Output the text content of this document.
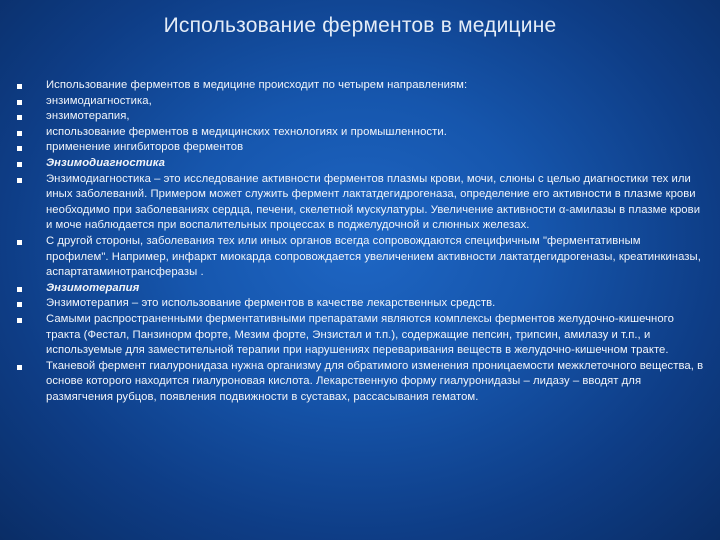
Использование ферментов в медицине
Использование ферментов в медицине происходит по четырем направлениям:
энзимодиагностика,
энзимотерапия,
использование ферментов в медицинских технологиях и промышленности.
применение ингибиторов ферментов
Энзимодиагностика
Энзимодиагностика – это исследование активности ферментов плазмы крови, мочи, слюны с целью диагностики тех или иных заболеваний. Примером может служить фермент лактатдегидрогеназа, определение его активности в плазме крови необходимо при заболеваниях сердца, печени, скелетной мускулатуры. Увеличение активности α-амилазы в плазме крови и моче наблюдается при воспалительных процессах в поджелудочной и слюнных железах.
С другой стороны, заболевания тех или иных органов всегда сопровождаются специфичным "ферментативным профилем". Например, инфаркт миокарда сопровождается увеличением активности лактатдегидрогеназы, креатинкиназы, аспартатаминотрансферазы .
Энзимотерапия
Энзимотерапия – это использование ферментов в качестве лекарственных средств.
Самыми распространенными ферментативными препаратами являются комплексы ферментов желудочно-кишечного тракта (Фестал, Панзинорм форте, Мезим форте, Энзистал и т.п.), содержащие пепсин, трипсин, амилазу и т.п., и используемые для заместительной терапии при нарушениях переваривания веществ в желудочно-кишечном тракте.
Тканевой фермент гиалуронидаза нужна организму для обратимого изменения проницаемости межклеточного вещества, в основе которого находится гиалуроновая кислота. Лекарственную форму гиалуронидазы – лидазу – вводят для размягчения рубцов, появления подвижности в суставах, рассасывания гематом.
